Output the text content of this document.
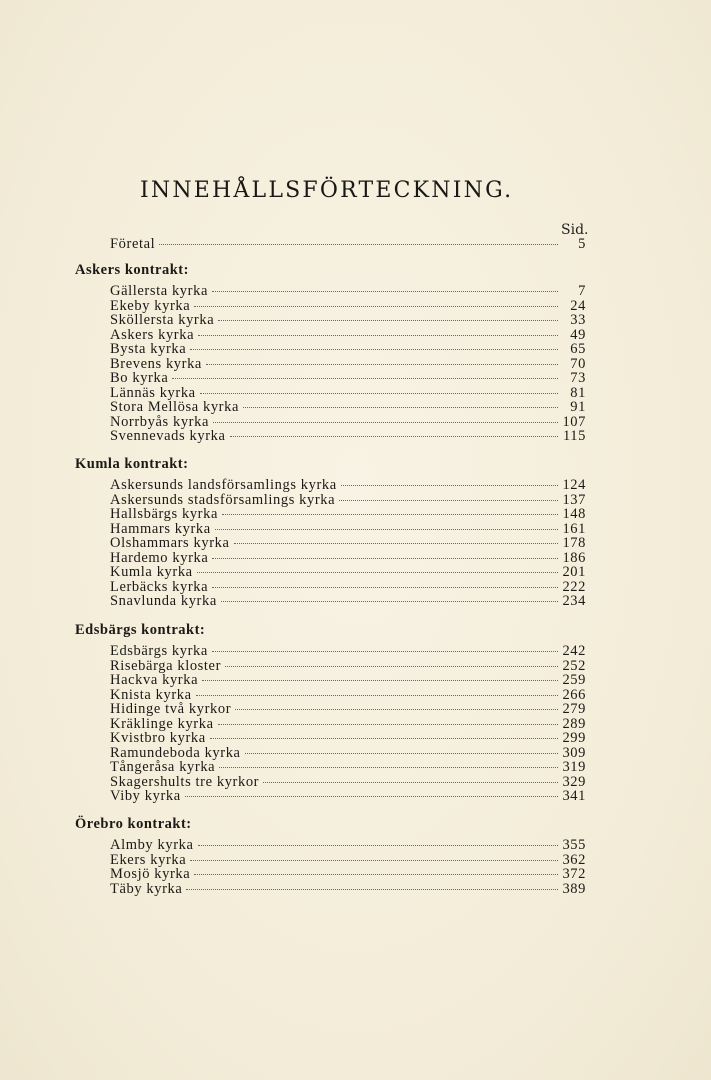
INNEHÅLLSFÖRTECKNING.
Sid.
Företal	5
Askers kontrakt:
Gällersta kyrka	7
Ekeby kyrka	24
Sköllersta kyrka	33
Askers kyrka	49
Bysta kyrka	65
Brevens kyrka	70
Bo kyrka	73
Lännäs kyrka	81
Stora Mellösa kyrka	91
Norrbyås kyrka	107
Svennevads kyrka	115
Kumla kontrakt:
Askersunds landsförsamlings kyrka	124
Askersunds stadsförsamlings kyrka	137
Hallsbärgs kyrka	148
Hammars kyrka	161
Olshammars kyrka	178
Hardemo kyrka	186
Kumla kyrka	201
Lerbäcks kyrka	222
Snavlunda kyrka	234
Edsbärgs kontrakt:
Edsbärgs kyrka	242
Risebärga kloster	252
Hackva kyrka	259
Knista kyrka	266
Hidinge två kyrkor	279
Kräklinge kyrka	289
Kvistbro kyrka	299
Ramundeboda kyrka	309
Tångeråsa kyrka	319
Skagershults tre kyrkor	329
Viby kyrka	341
Örebro kontrakt:
Almby kyrka	355
Ekers kyrka	362
Mosjö kyrka	372
Täby kyrka	389
